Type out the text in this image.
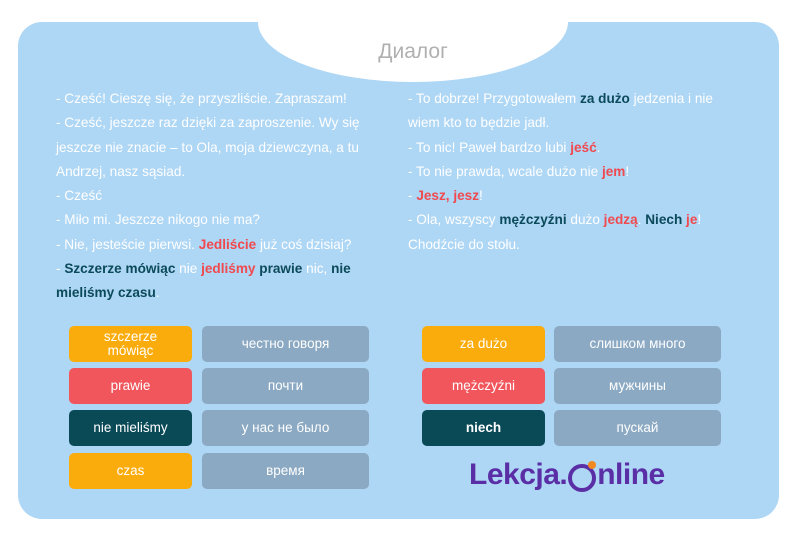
Диалог
- Cześć! Cieszę się, że przyszliście. Zapraszam!
- Cześć, jeszcze raz dzięki za zaproszenie. Wy się
jeszcze nie znacie – to Ola, moja dziewczyna, a tu
Andrzej, nasz sąsiad.
- Cześć
- Miło mi. Jeszcze nikogo nie ma?
- Nie, jesteście pierwsi. Jedliście już coś dzisiaj?
- Szczerze mówiąc nie jedliśmy prawie nic, nie
mieliśmy czasu.
- To dobrze! Przygotowałem za dużo jedzenia i nie
wiem kto to będzie jadł.
- To nic! Paweł bardzo lubi jeść.
- To nie prawda, wcale dużo nie jem!
- Jesz, jesz!
- Ola, wszyscy mężczyźni dużo jedzą. Niech je!
Chodźcie do stołu.
szczerze mówiąc	честно говоря
prawie	почти
nie mieliśmy	у нас не было
czas	время
za dużo	слишком много
mężczyźni	мужчины
niech	пускай
Lekcja. nline
